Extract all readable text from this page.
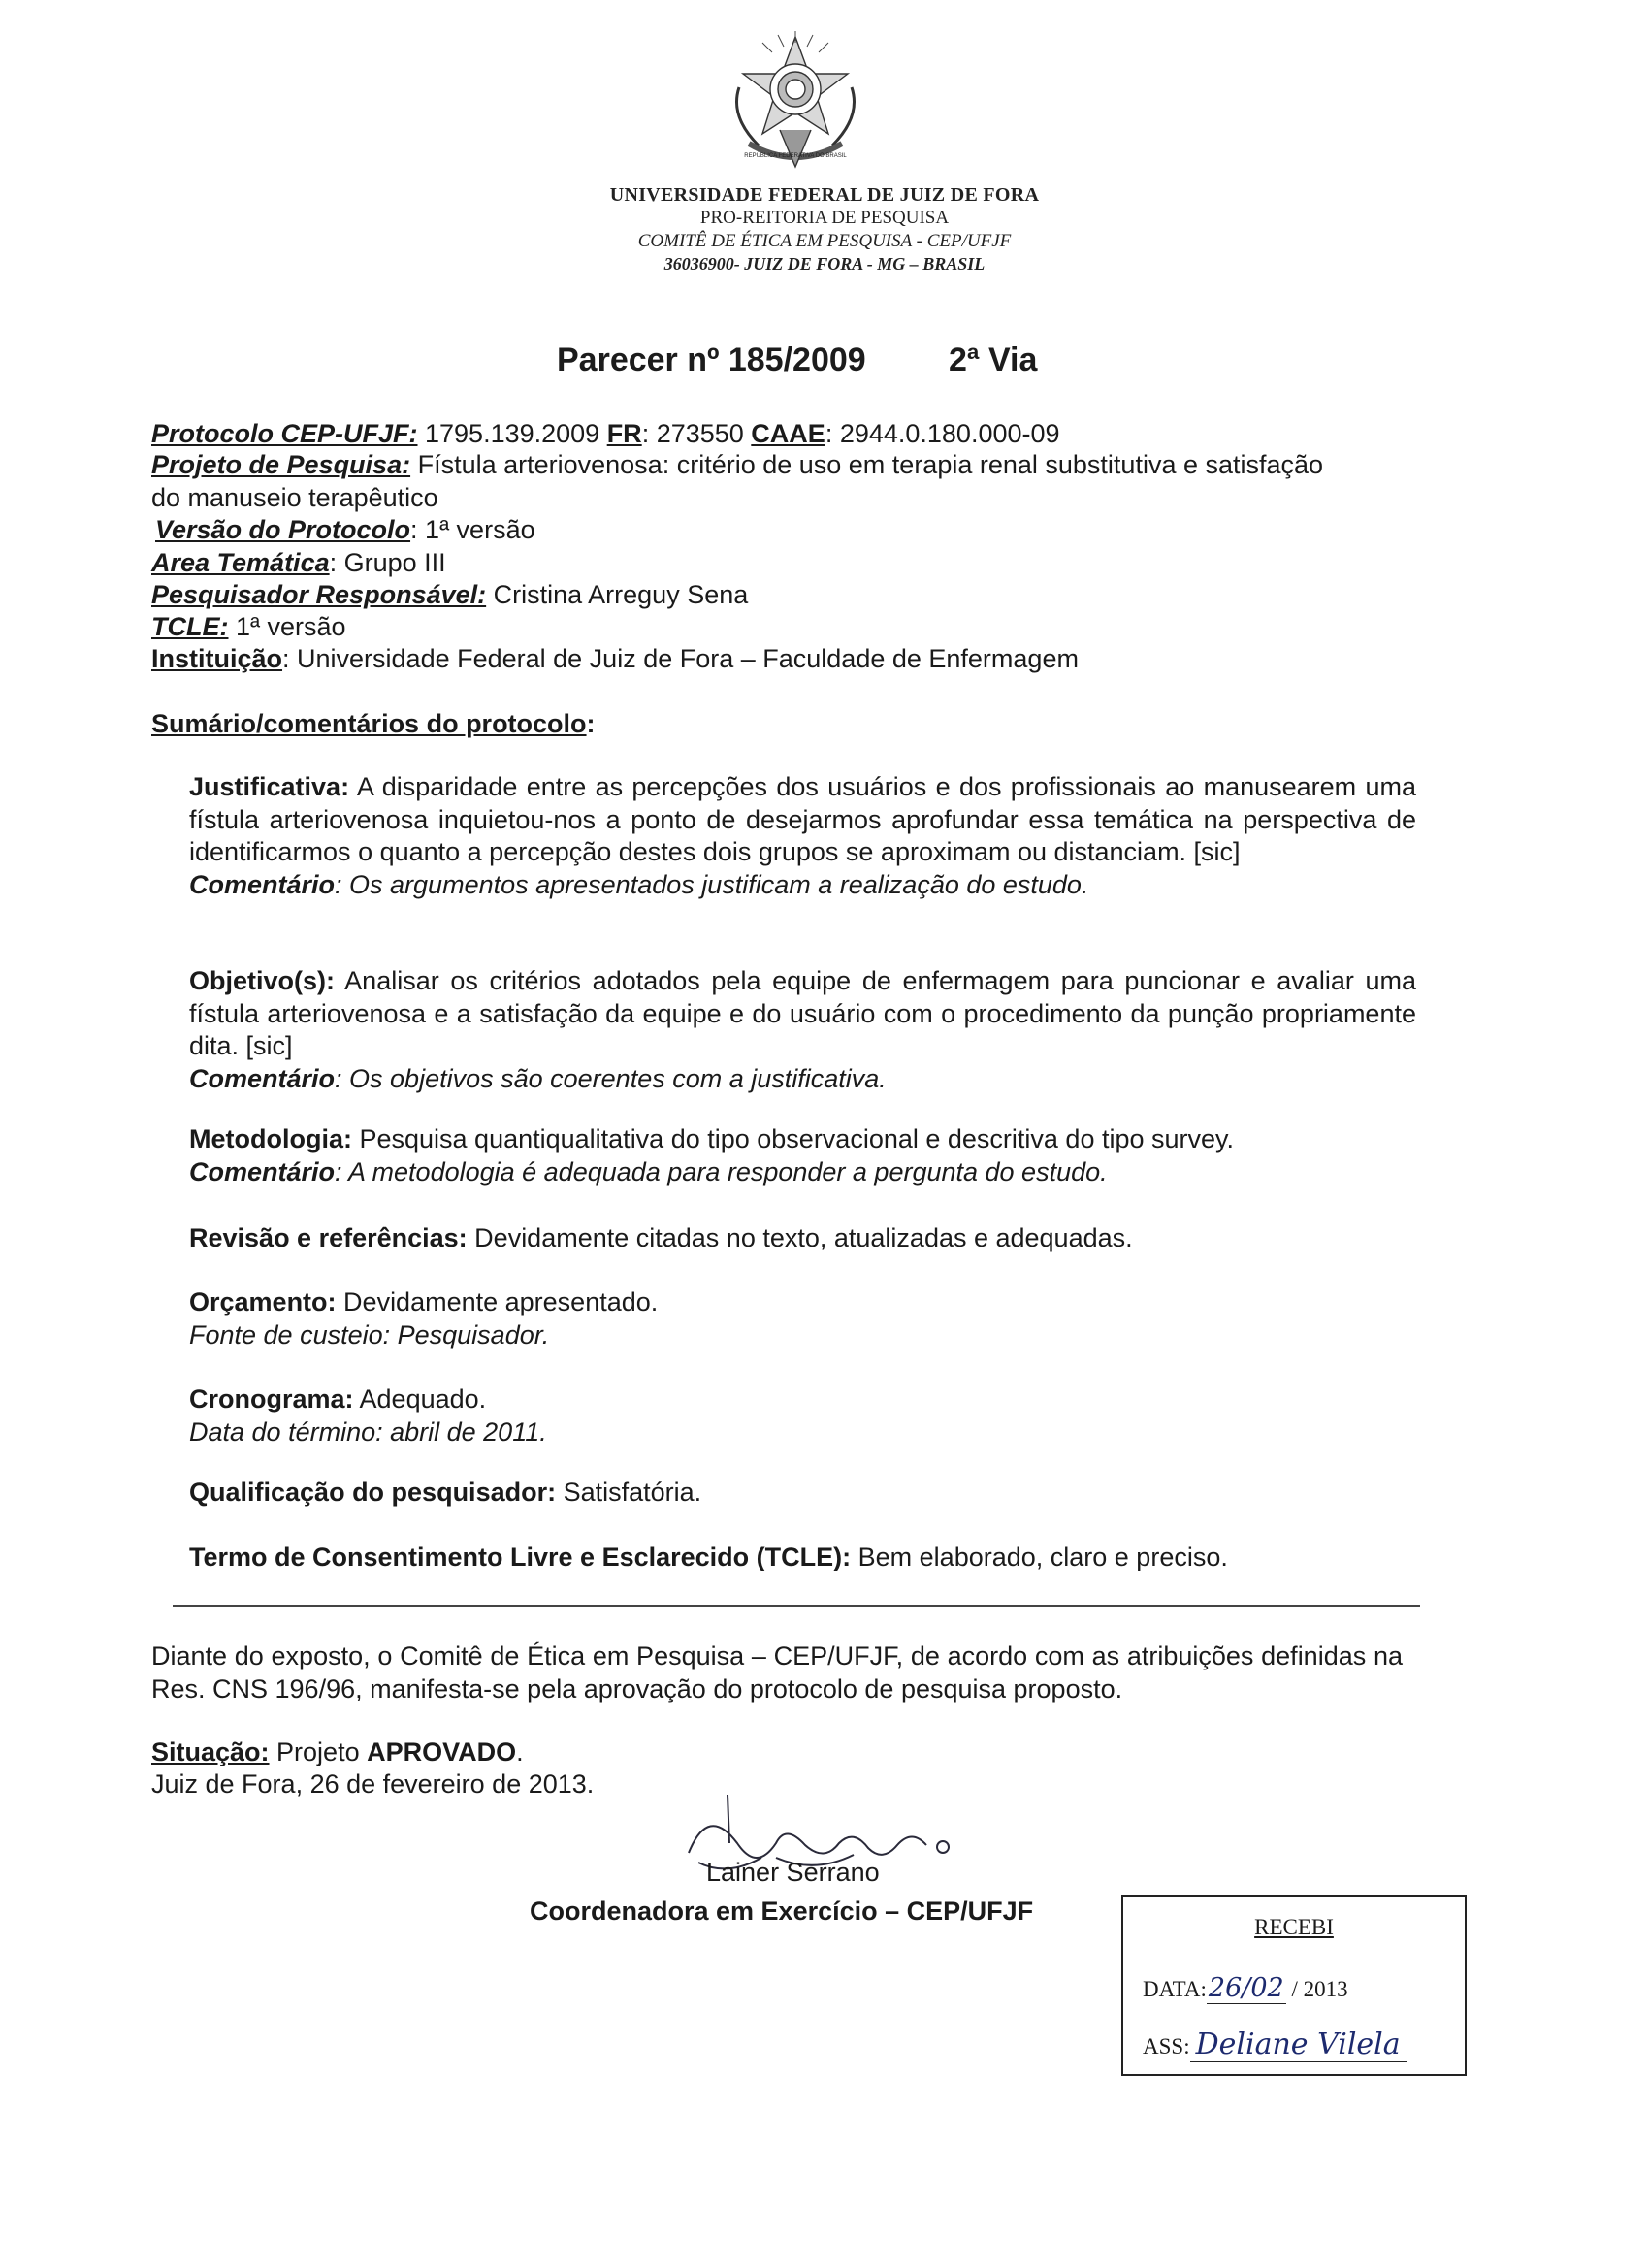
REPÚBLICA FEDERATIVA DO BRASIL
UNIVERSIDADE FEDERAL DE JUIZ DE FORA
PRO-REITORIA DE PESQUISA
COMITÊ DE ÉTICA EM PESQUISA - CEP/UFJF
36036900- JUIZ DE FORA - MG – BRASIL
Parecer nº 185/2009	2ª Via
Protocolo CEP-UFJF: 1795.139.2009 FR: 273550 CAAE: 2944.0.180.000-09
Projeto de Pesquisa: Fístula arteriovenosa: critério de uso em terapia renal substitutiva e satisfação
do manuseio terapêutico
Versão do Protocolo: 1ª versão
Area Temática: Grupo III
Pesquisador Responsável: Cristina Arreguy Sena
TCLE: 1ª versão
Instituição: Universidade Federal de Juiz de Fora – Faculdade de Enfermagem
Sumário/comentários do protocolo:
Justificativa: A disparidade entre as percepções dos usuários e dos profissionais ao manusearem uma fístula arteriovenosa inquietou-nos a ponto de desejarmos aprofundar essa temática na perspectiva de identificarmos o quanto a percepção destes dois grupos se aproximam ou distanciam. [sic]
Comentário: Os argumentos apresentados justificam a realização do estudo.
Objetivo(s): Analisar os critérios adotados pela equipe de enfermagem para puncionar e avaliar uma fístula arteriovenosa e a satisfação da equipe e do usuário com o procedimento da punção propriamente dita. [sic]
Comentário: Os objetivos são coerentes com a justificativa.
Metodologia: Pesquisa quantiqualitativa do tipo observacional e descritiva do tipo survey.
Comentário: A metodologia é adequada para responder a pergunta do estudo.
Revisão e referências: Devidamente citadas no texto, atualizadas e adequadas.
Orçamento: Devidamente apresentado.
Fonte de custeio: Pesquisador.
Cronograma: Adequado.
Data do término: abril de 2011.
Qualificação do pesquisador: Satisfatória.
Termo de Consentimento Livre e Esclarecido (TCLE): Bem elaborado, claro e preciso.
Diante do exposto, o Comitê de Ética em Pesquisa – CEP/UFJF, de acordo com as atribuições definidas na Res. CNS 196/96, manifesta-se pela aprovação do protocolo de pesquisa proposto.
Situação: Projeto APROVADO.
Juiz de Fora, 26 de fevereiro de 2013.
Lainer Serrano
Coordenadora em Exercício – CEP/UFJF
RECEBI
DATA:26/02 / 2013
ASS: Deliane Vilela
